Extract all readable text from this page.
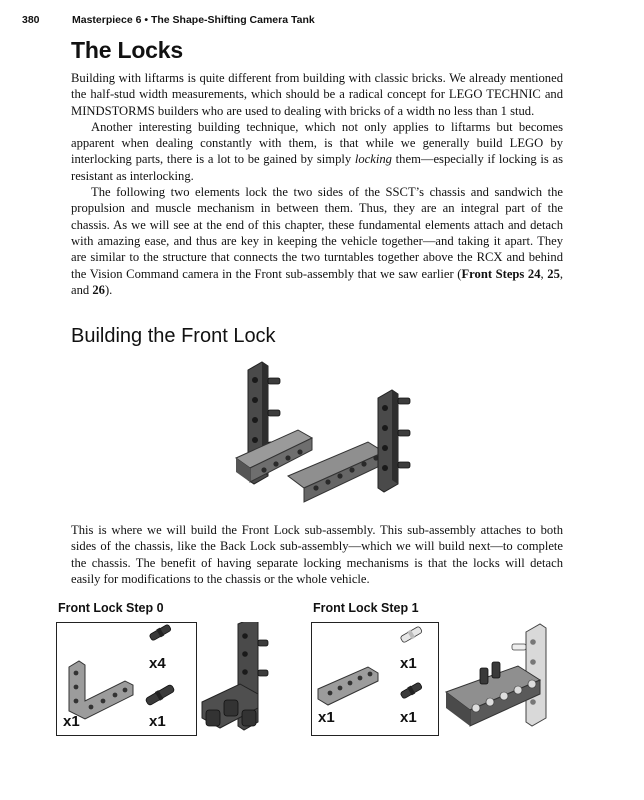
380	Masterpiece 6 • The Shape-Shifting Camera Tank
The Locks

Building with liftarms is quite different from building with classic bricks. We already mentioned the half-stud width measurements, which should be a radical concept for LEGO TECHNIC and MINDSTORMS builders who are used to dealing with bricks of a width no less than 1 stud.

Another interesting building technique, which not only applies to liftarms but becomes apparent when dealing constantly with them, is that while we generally build LEGO by interlocking parts, there is a lot to be gained by simply locking them—especially if locking is as resistant as interlocking.

The following two elements lock the two sides of the SSCT’s chassis and sandwich the propulsion and muscle mechanism in between them. Thus, they are an integral part of the chassis. As we will see at the end of this chapter, these fundamental elements attach and detach with amazing ease, and thus are key in keeping the vehicle together—and taking it apart. They are similar to the structure that connects the two turntables together above the RCX and behind the Vision Command camera in the Front sub-assembly that we saw earlier (Front Steps 24, 25, and 26).

Building the Front Lock

This is where we will build the Front Lock sub-assembly. This sub-assembly attaches to both sides of the chassis, like the Back Lock sub-assembly—which we will build next—to complete the chassis. The benefit of having separate locking mechanisms is that the locks will detach easily for modifications to the chassis or the whole vehicle.

Front Lock Step 0	Front Lock Step 1
x4
x1	x1
x1
x1	x1
